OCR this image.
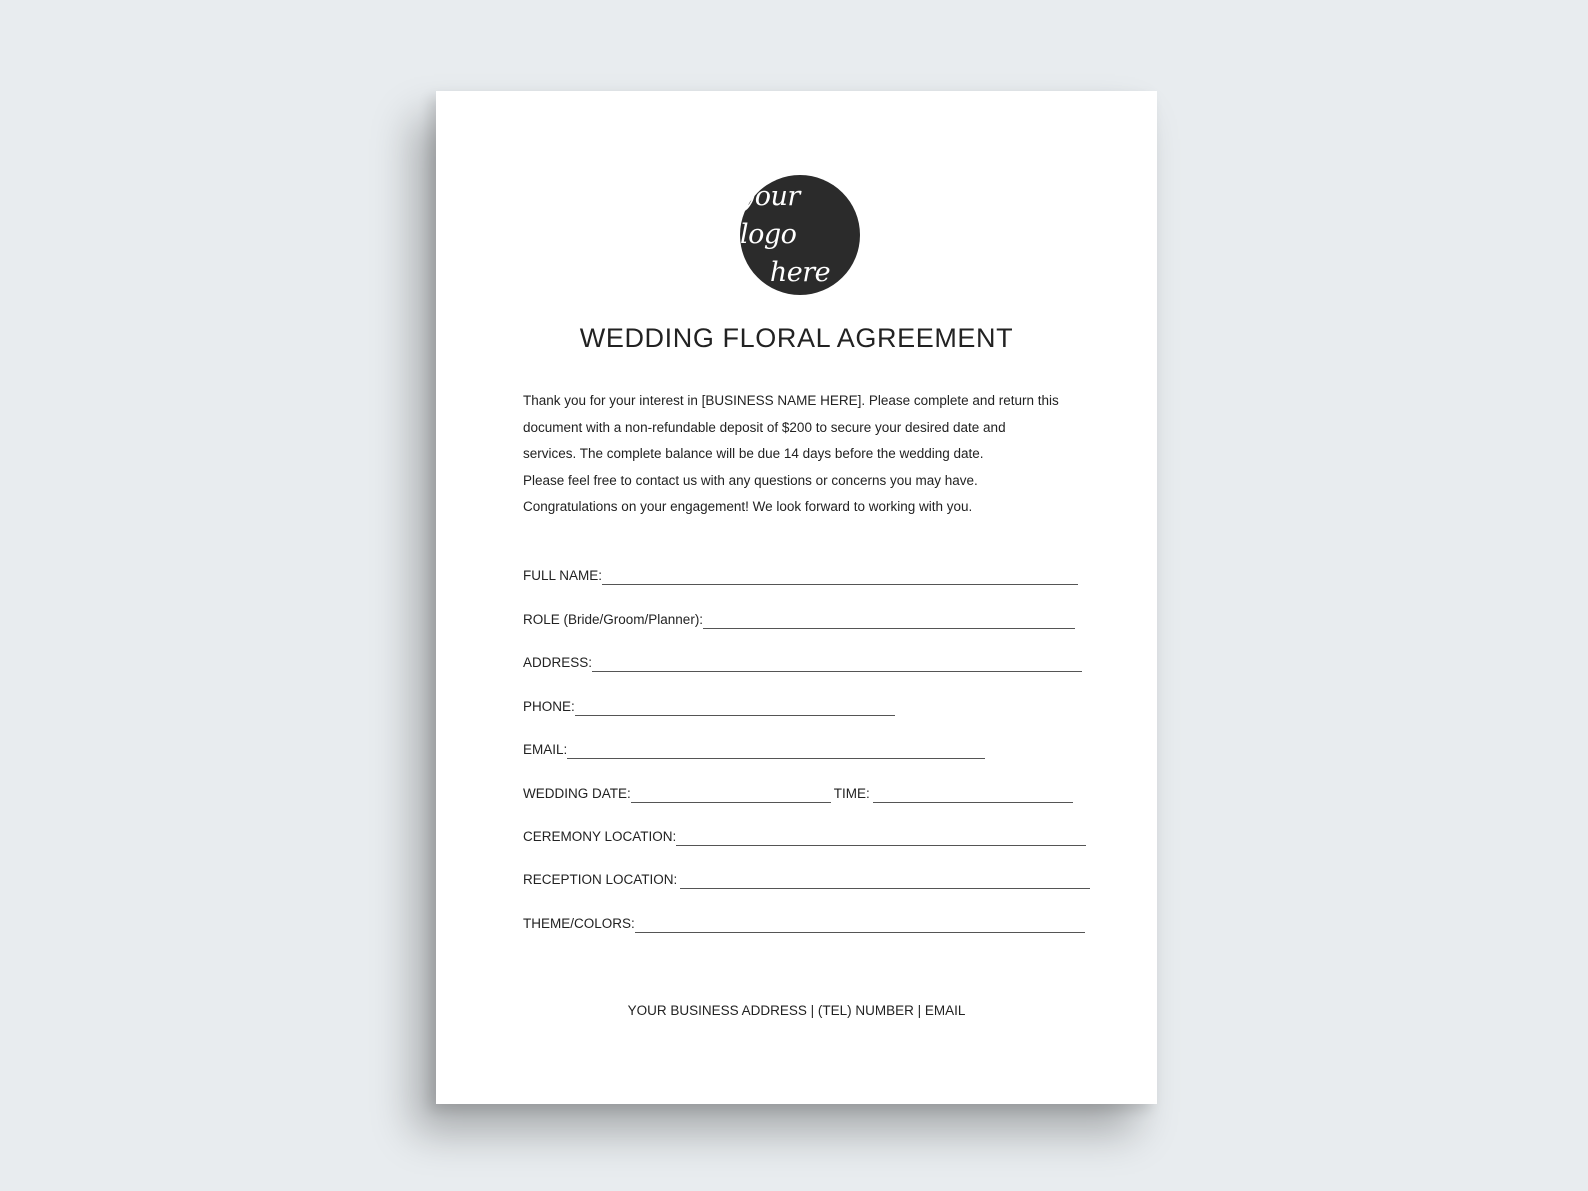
your logo
here
WEDDING FLORAL AGREEMENT
Thank you for your interest in [BUSINESS NAME HERE]. Please complete and return this
document with a non-refundable deposit of $200 to secure your desired date and
services. The complete balance will be due 14 days before the wedding date.
Please feel free to contact us with any questions or concerns you may have.
Congratulations on your engagement! We look forward to working with you.
FULL NAME:
ROLE (Bride/Groom/Planner):
ADDRESS:
PHONE:
EMAIL:
WEDDING DATE:	TIME:
CEREMONY LOCATION:
RECEPTION LOCATION:
THEME/COLORS:
YOUR BUSINESS ADDRESS | (TEL) NUMBER | EMAIL
